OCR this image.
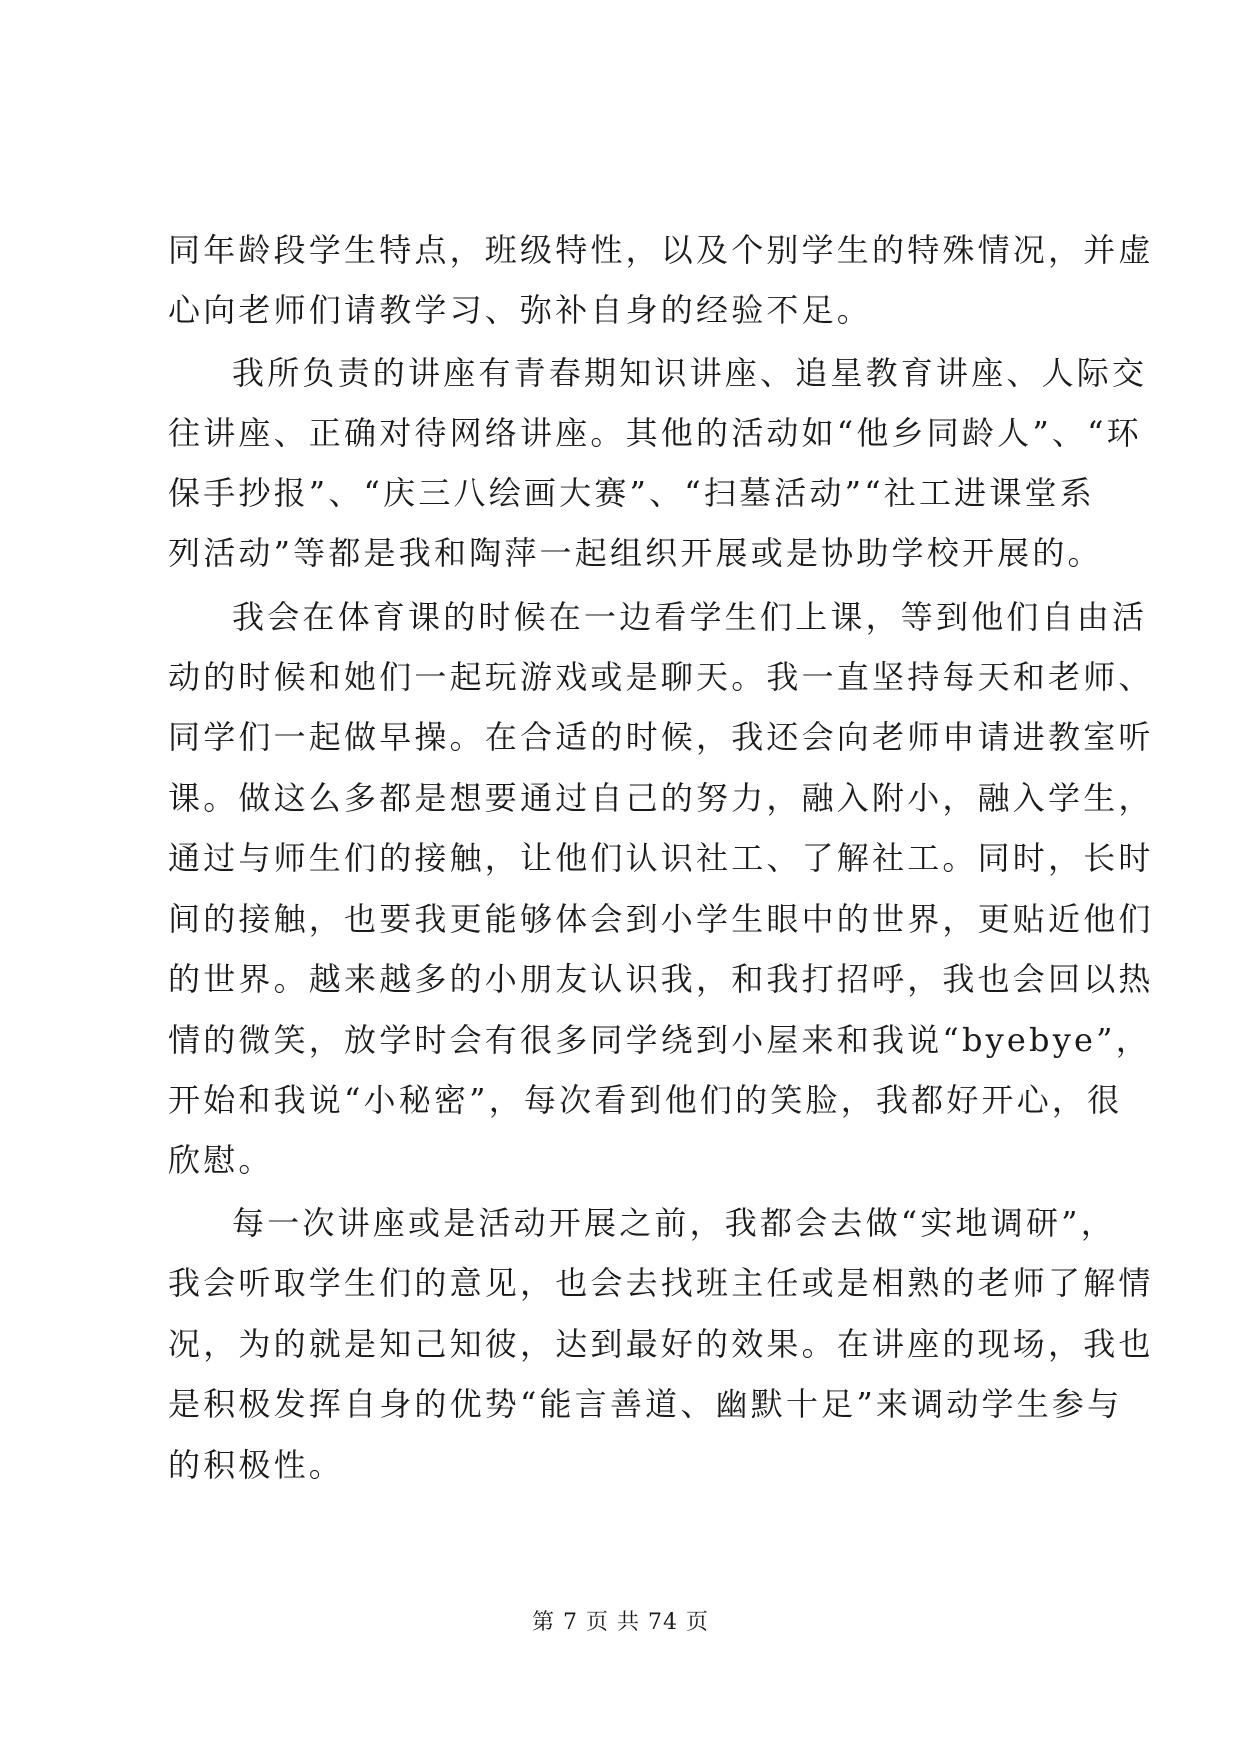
同年龄段学生特点，班级特性，以及个别学生的特殊情况，并虚
心向老师们请教学习、弥补自身的经验不足。
我所负责的讲座有青春期知识讲座、追星教育讲座、人际交
往讲座、正确对待网络讲座。其他的活动如“他乡同龄人”、“环
保手抄报”、“庆三八绘画大赛”、“扫墓活动”“社工进课堂系
列活动”等都是我和陶萍一起组织开展或是协助学校开展的。
我会在体育课的时候在一边看学生们上课，等到他们自由活
动的时候和她们一起玩游戏或是聊天。我一直坚持每天和老师、
同学们一起做早操。在合适的时候，我还会向老师申请进教室听
课。做这么多都是想要通过自己的努力，融入附小，融入学生，
通过与师生们的接触，让他们认识社工、了解社工。同时，长时
间的接触，也要我更能够体会到小学生眼中的世界，更贴近他们
的世界。越来越多的小朋友认识我，和我打招呼，我也会回以热
情的微笑，放学时会有很多同学绕到小屋来和我说“byebye”，
开始和我说“小秘密”，每次看到他们的笑脸，我都好开心，很
欣慰。
每一次讲座或是活动开展之前，我都会去做“实地调研”，
我会听取学生们的意见，也会去找班主任或是相熟的老师了解情
况，为的就是知己知彼，达到最好的效果。在讲座的现场，我也
是积极发挥自身的优势“能言善道、幽默十足”来调动学生参与
的积极性。
第 7 页 共 74 页
